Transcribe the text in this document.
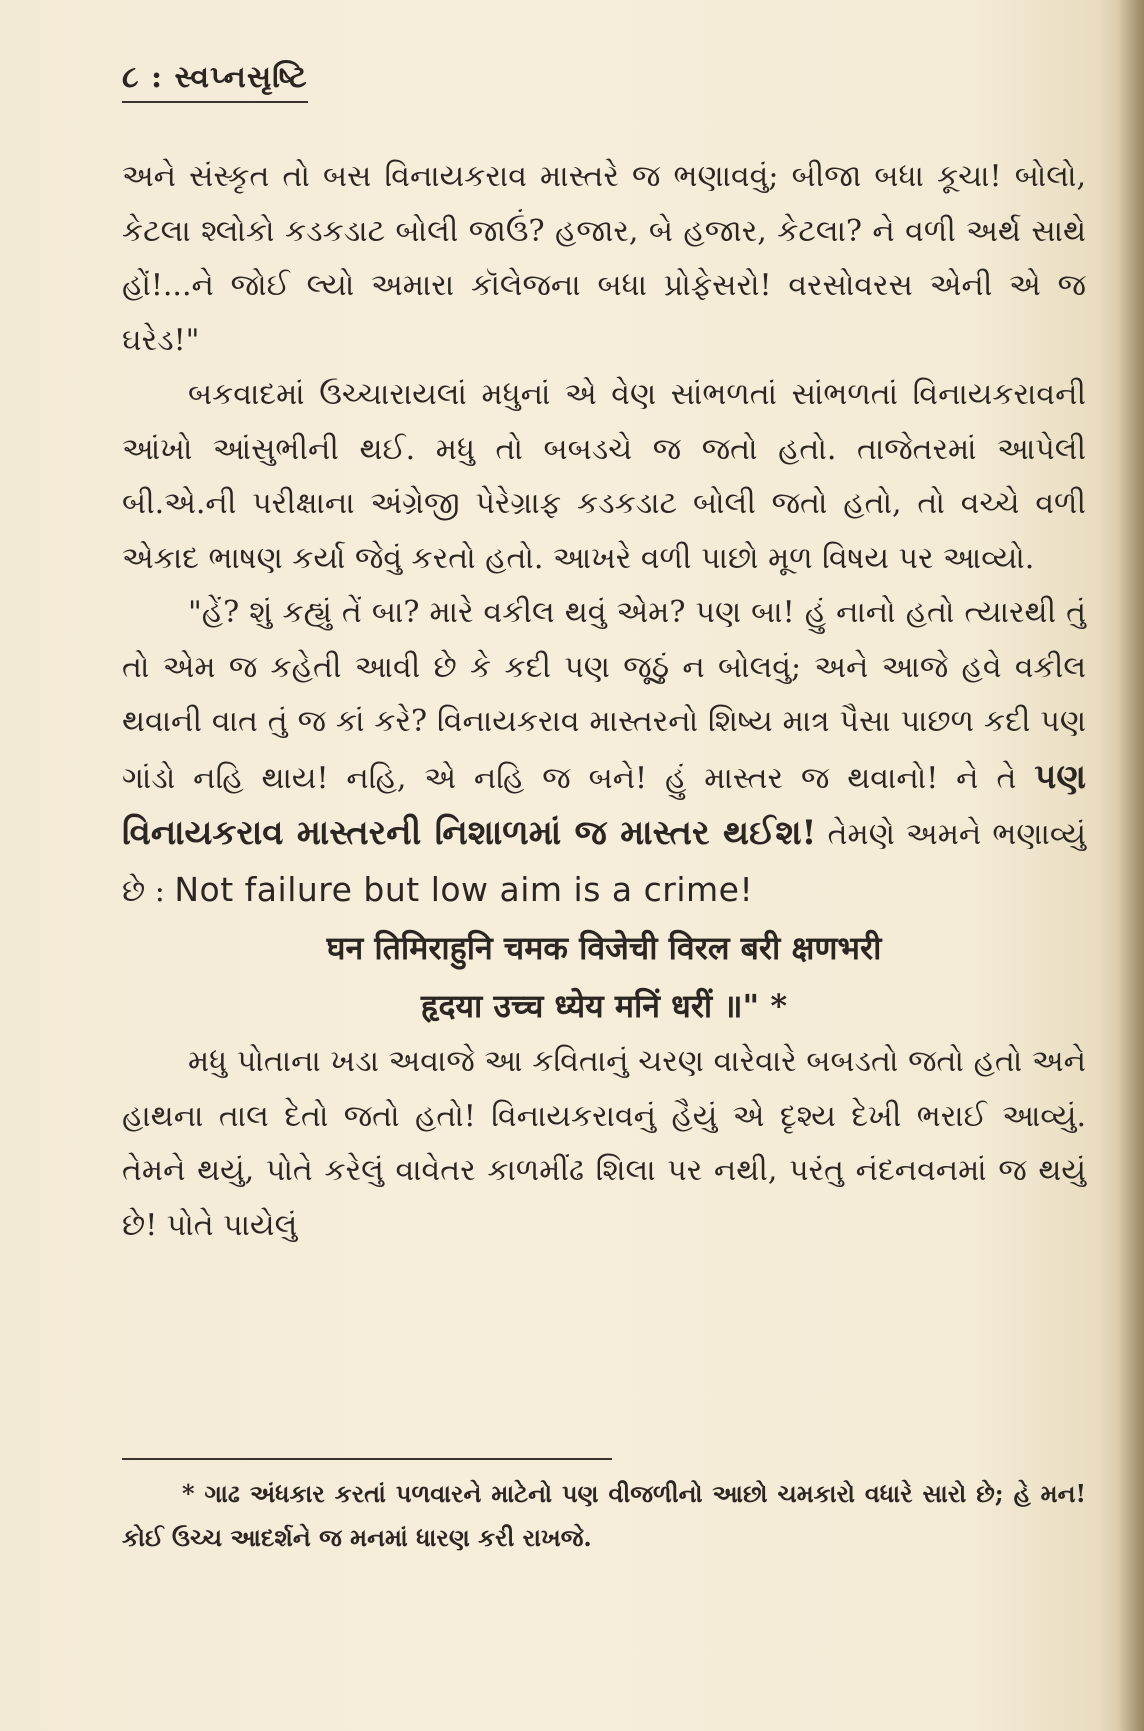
૮ : સ્વપ્નસૃષ્ટિ

અને સંસ્કૃત તો બસ વિનાયકરાવ માસ્તરે જ ભણાવવું; બીજા બધા કૂચા! બોલો, કેટલા શ્લોકો કડકડાટ બોલી જાઉં? હજાર, બે હજાર, કેટલા? ને વળી અર્થ સાથે હોં!...ને જોઈ લ્યો અમારા કૉલેજના બધા પ્રોફેસરો! વરસોવરસ એની એ જ ઘરેડ!"

બકવાદમાં ઉચ્ચારાયલાં મધુનાં એ વેણ સાંભળતાં સાંભળતાં વિનાયકરાવની આંખો આંસુભીની થઈ. મધુ તો બબડચે જ જતો હતો. તાજેતરમાં આપેલી બી.એ.ની પરીક્ષાના અંગ્રેજી પેરેગ્રાફ કડકડાટ બોલી જતો હતો, તો વચ્ચે વળી એકાદ ભાષણ કર્યા જેવું કરતો હતો. આખરે વળી પાછો મૂળ વિષય પર આવ્યો.

"હેં? શું કહ્યું તેં બા? મારે વકીલ થવું એમ? પણ બા! હું નાનો હતો ત્યારથી તું તો એમ જ કહેતી આવી છે કે કદી પણ જૂઠું ન બોલવું; અને આજે હવે વકીલ થવાની વાત તું જ કાં કરે? વિનાયકરાવ માસ્તરનો શિષ્ય માત્ર પૈસા પાછળ કદી પણ ગાંડો નહિ થાય! નહિ, એ નહિ જ બને! હું માસ્તર જ થવાનો! ને તે પણ વિનાયકરાવ માસ્તરની નિશાળમાં જ માસ્તર થઈશ! તેમણે અમને ભણાવ્યું છે : Not failure but low aim is a crime!

घन तिमिराहुनि चमक विजेची विरल बरी क्षणभरी

हृदया उच्च ध्येय मनिं धरीं ॥" *

મધુ પોતાના ખડા અવાજે આ કવિતાનું ચરણ વારેવારે બબડતો જતો હતો અને હાથના તાલ દેતો જતો હતો! વિનાયકરાવનું હૈયું એ દૃશ્ય દેખી ભરાઈ આવ્યું. તેમને થયું, પોતે કરેલું વાવેતર કાળમીંઢ શિલા પર નથી, પરંતુ નંદનવનમાં જ થયું છે! પોતે પાયેલું

* ગાઢ અંધકાર કરતાં પળવારને માટેનો પણ વીજળીનો આછો ચમકારો વધારે સારો છે; હે મન! કોઈ ઉચ્ચ આદર્શને જ મનમાં ધારણ કરી રાખજે.
